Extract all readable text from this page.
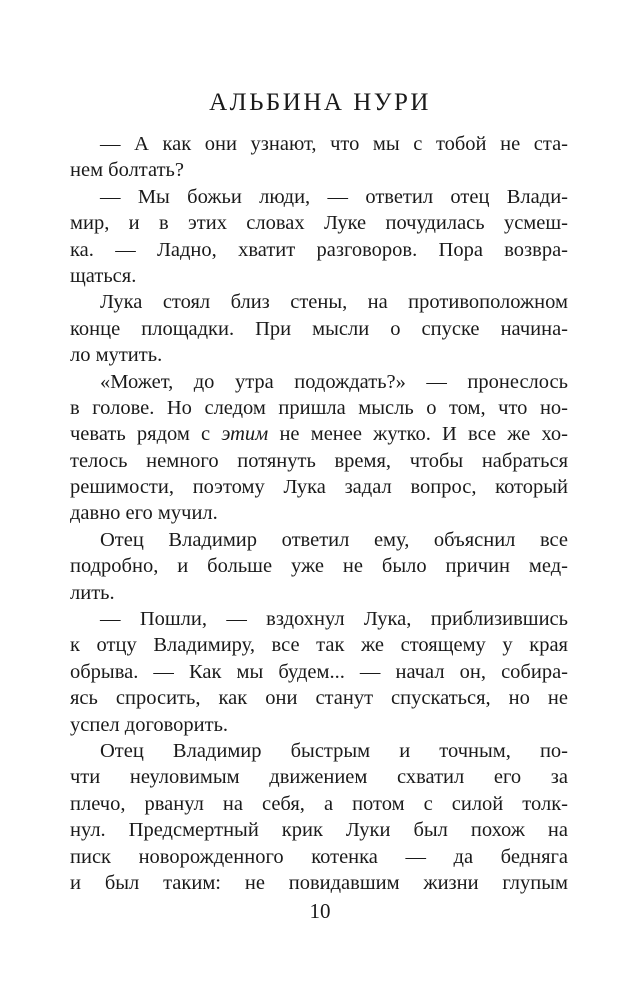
АЛЬБИНА НУРИ
— А как они узнают, что мы с тобой не ста-
нем болтать?
— Мы божьи люди, — ответил отец Влади-
мир, и в этих словах Луке почудилась усмеш-
ка. — Ладно, хватит разговоров. Пора возвра-
щаться.
Лука стоял близ стены, на противоположном
конце площадки. При мысли о спуске начина-
ло мутить.
«Может, до утра подождать?» — пронеслось
в голове. Но следом пришла мысль о том, что но-
чевать рядом с этим не менее жутко. И все же хо-
телось немного потянуть время, чтобы набраться
решимости, поэтому Лука задал вопрос, который
давно его мучил.
Отец Владимир ответил ему, объяснил все
подробно, и больше уже не было причин мед-
лить.
— Пошли, — вздохнул Лука, приблизившись
к отцу Владимиру, все так же стоящему у края
обрыва. — Как мы будем... — начал он, собира-
ясь спросить, как они станут спускаться, но не
успел договорить.
Отец Владимир быстрым и точным, по-
чти неуловимым движением схватил его за
плечо, рванул на себя, а потом с силой толк-
нул. Предсмертный крик Луки был похож на
писк новорожденного котенка — да бедняга
и был таким: не повидавшим жизни глупым
10
